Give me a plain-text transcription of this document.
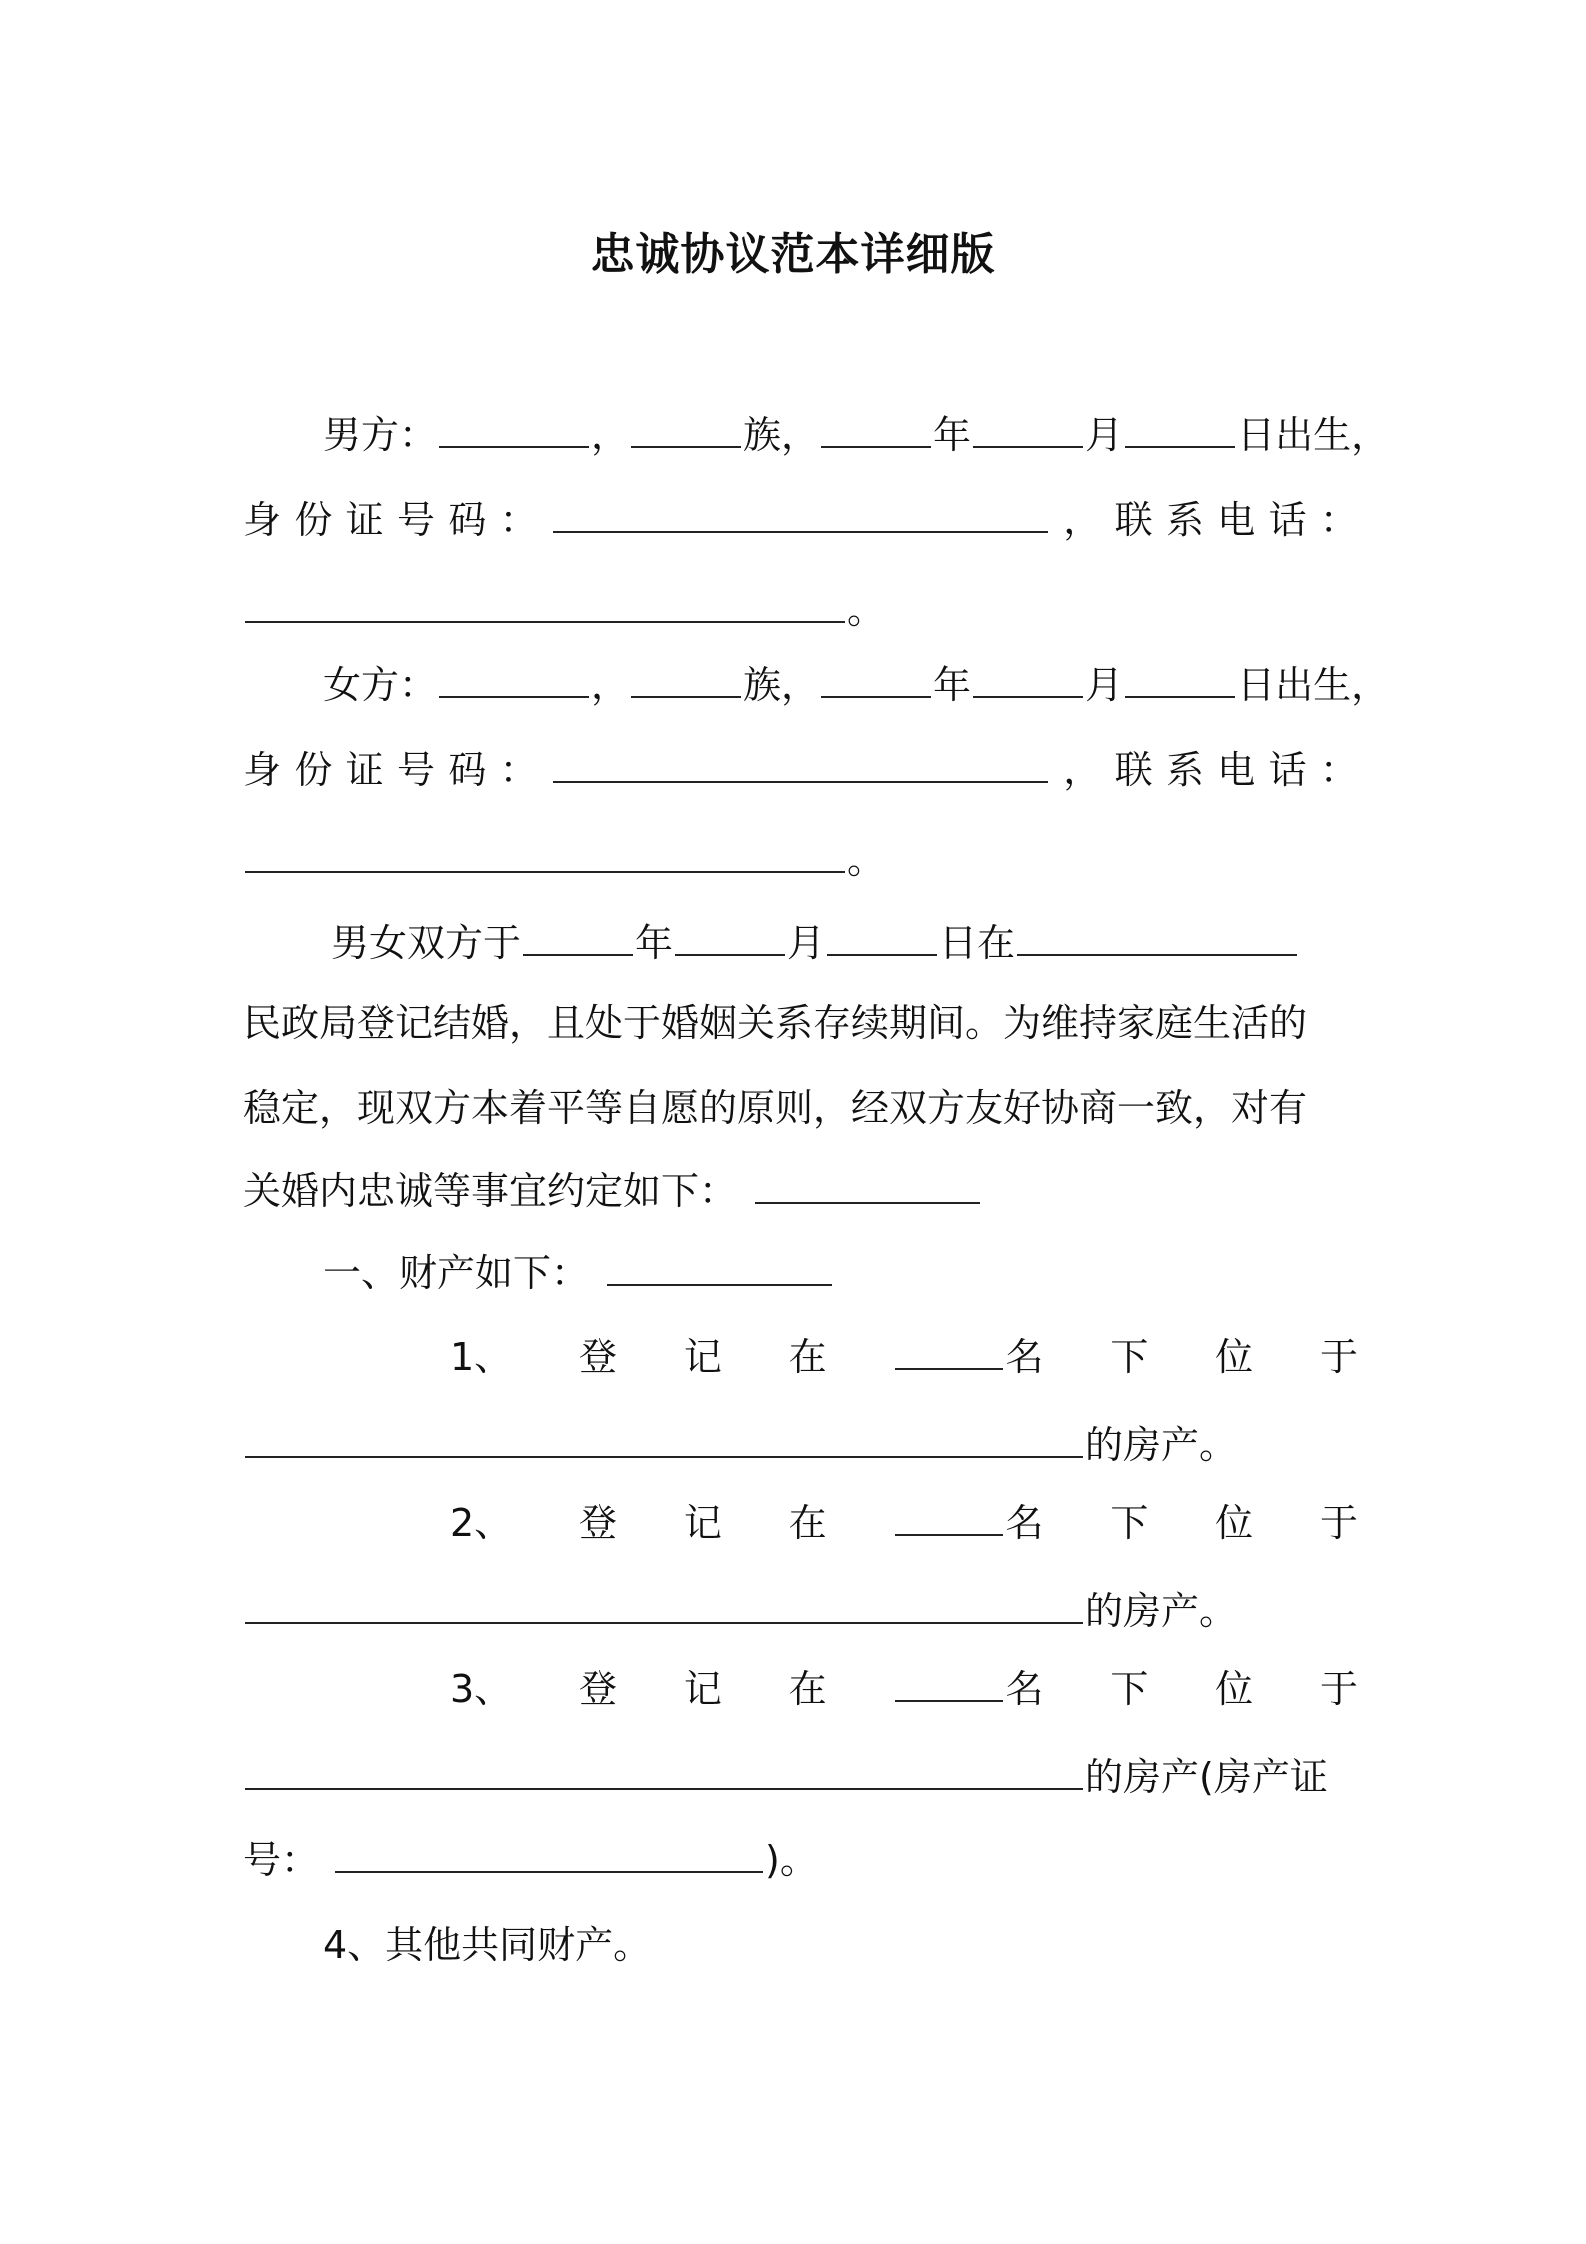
忠诚协议范本详细版
男方：	，	族，	年	月	日出生，
身 份 证 号 码 ：	， 联 系 电 话 ：
。
女方：	，	族，	年	月	日出生，
身 份 证 号 码 ：	， 联 系 电 话 ：
。
男女双方于	年	月	日在
民政局登记结婚，且处于婚姻关系存续期间。为维持家庭生活的
稳定，现双方本着平等自愿的原则，经双方友好协商一致，对有
关婚内忠诚等事宜约定如下：
一、财产如下：
1、 登 记 在	名 下 位 于
的房产。
2、 登 记 在	名 下 位 于
的房产。
3、 登 记 在	名 下 位 于
的房产(房产证
号：	)。
4、其他共同财产。
